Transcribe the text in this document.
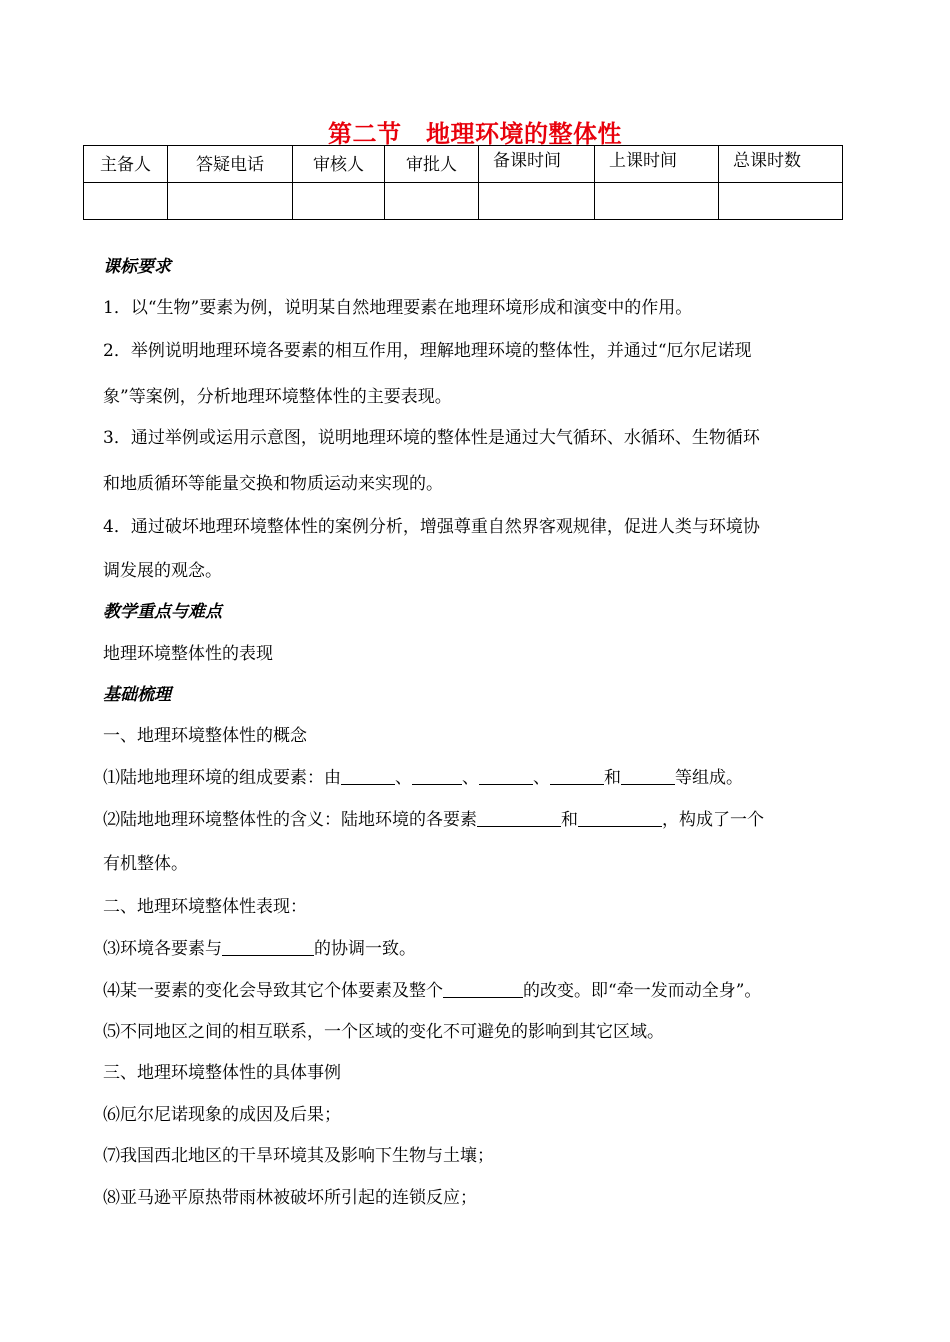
第二节　地理环境的整体性
主备人	答疑电话	审核人	审批人	备课时间	上课时间	总课时数

课标要求
1．以“生物”要素为例，说明某自然地理要素在地理环境形成和演变中的作用。
2．举例说明地理环境各要素的相互作用，理解地理环境的整体性，并通过“厄尔尼诺现
象”等案例，分析地理环境整体性的主要表现。
3．通过举例或运用示意图，说明地理环境的整体性是通过大气循环、水循环、生物循环
和地质循环等能量交换和物质运动来实现的。
4．通过破坏地理环境整体性的案例分析，增强尊重自然界客观规律，促进人类与环境协
调发展的观念。
教学重点与难点
地理环境整体性的表现
基础梳理
一、地理环境整体性的概念
⑴陆地地理环境的组成要素：由	、	、	、	和	等组成。
⑵陆地地理环境整体性的含义：陆地环境的各要素	和	，构成了一个
有机整体。
二、地理环境整体性表现：
⑶环境各要素与	的协调一致。
⑷某一要素的变化会导致其它个体要素及整个	的改变。即“牵一发而动全身”。
⑸不同地区之间的相互联系，一个区域的变化不可避免的影响到其它区域。
三、地理环境整体性的具体事例
⑹厄尔尼诺现象的成因及后果；
⑺我国西北地区的干旱环境其及影响下生物与土壤；
⑻亚马逊平原热带雨林被破坏所引起的连锁反应；
